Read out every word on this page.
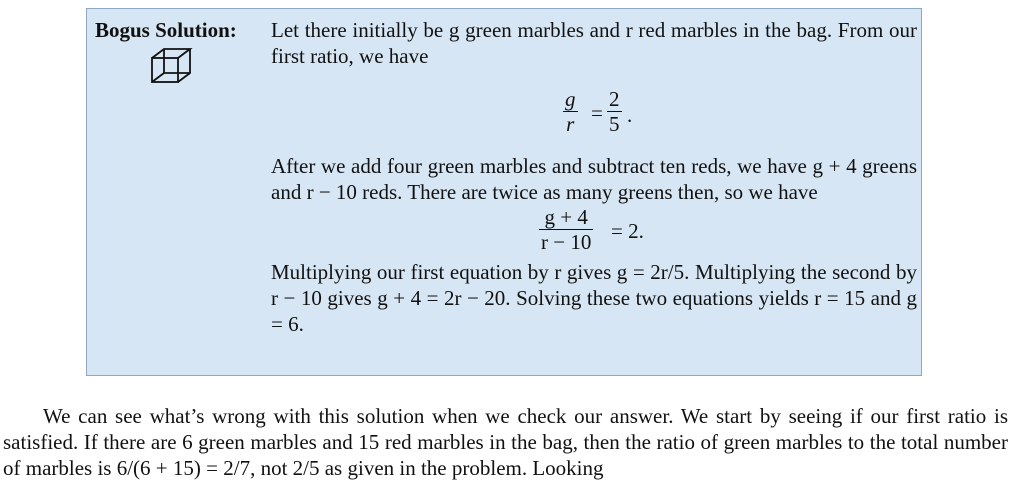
Bogus Solution: Let there initially be g green marbles and r red marbles in the bag. From our first ratio, we have

$\frac{g}{r} = \frac{2}{5}$ .

After we add four green marbles and subtract ten reds, we have g + 4 greens and r − 10 reds. There are twice as many greens then, so we have

$\frac{g + 4}{r - 10} = 2$.

Multiplying our first equation by r gives g = 2r/5. Multiplying the second by r − 10 gives g + 4 = 2r − 20. Solving these two equations yields r = 15 and g = 6.

We can see what’s wrong with this solution when we check our answer. We start by seeing if our first ratio is satisfied. If there are 6 green marbles and 15 red marbles in the bag, then the ratio of green marbles to the total number of marbles is 6/(6 + 15) = 2/7, not 2/5 as given in the problem. Looking
